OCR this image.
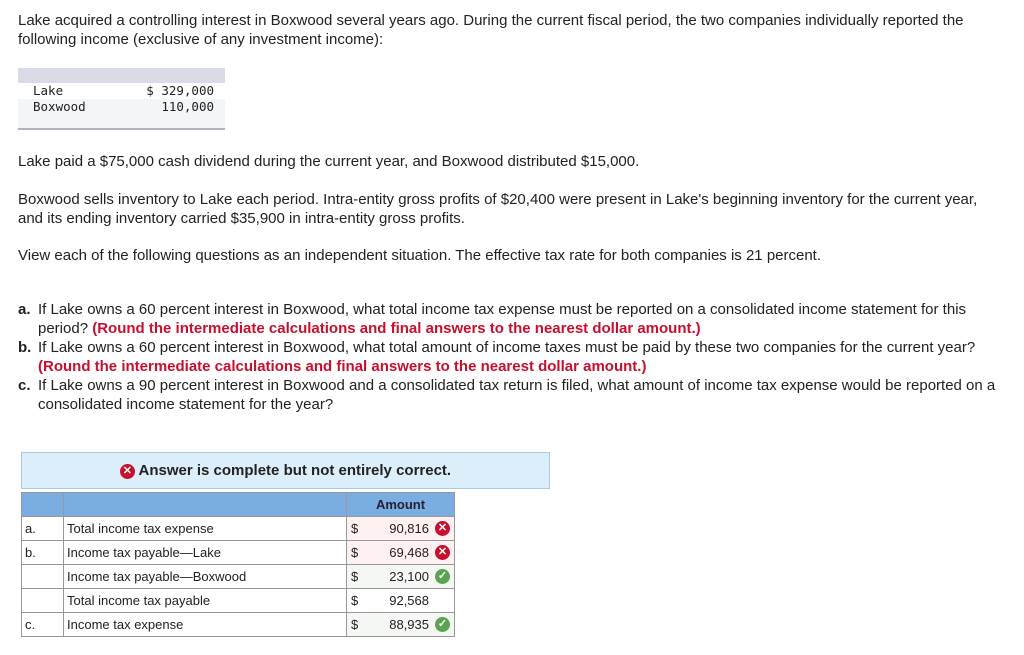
Lake acquired a controlling interest in Boxwood several years ago. During the current fiscal period, the two companies individually reported the following income (exclusive of any investment income):
Lake	$ 329,000
Boxwood	110,000
Lake paid a $75,000 cash dividend during the current year, and Boxwood distributed $15,000.
Boxwood sells inventory to Lake each period. Intra-entity gross profits of $20,400 were present in Lake's beginning inventory for the current year, and its ending inventory carried $35,900 in intra-entity gross profits.
View each of the following questions as an independent situation. The effective tax rate for both companies is 21 percent.
a. If Lake owns a 60 percent interest in Boxwood, what total income tax expense must be reported on a consolidated income statement for this period? (Round the intermediate calculations and final answers to the nearest dollar amount.)
b. If Lake owns a 60 percent interest in Boxwood, what total amount of income taxes must be paid by these two companies for the current year? (Round the intermediate calculations and final answers to the nearest dollar amount.)
c. If Lake owns a 90 percent interest in Boxwood and a consolidated tax return is filed, what amount of income tax expense would be reported on a consolidated income statement for the year?
✕ Answer is complete but not entirely correct.
		Amount
a.	Total income tax expense	$ 90,816 ✕

b.	Income tax payable—Lake	$ 69,468 ✕

	Income tax payable—Boxwood	$ 23,100 ✓

	Total income tax payable	$ 92,568

c.	Income tax expense	$ 88,935 ✓
